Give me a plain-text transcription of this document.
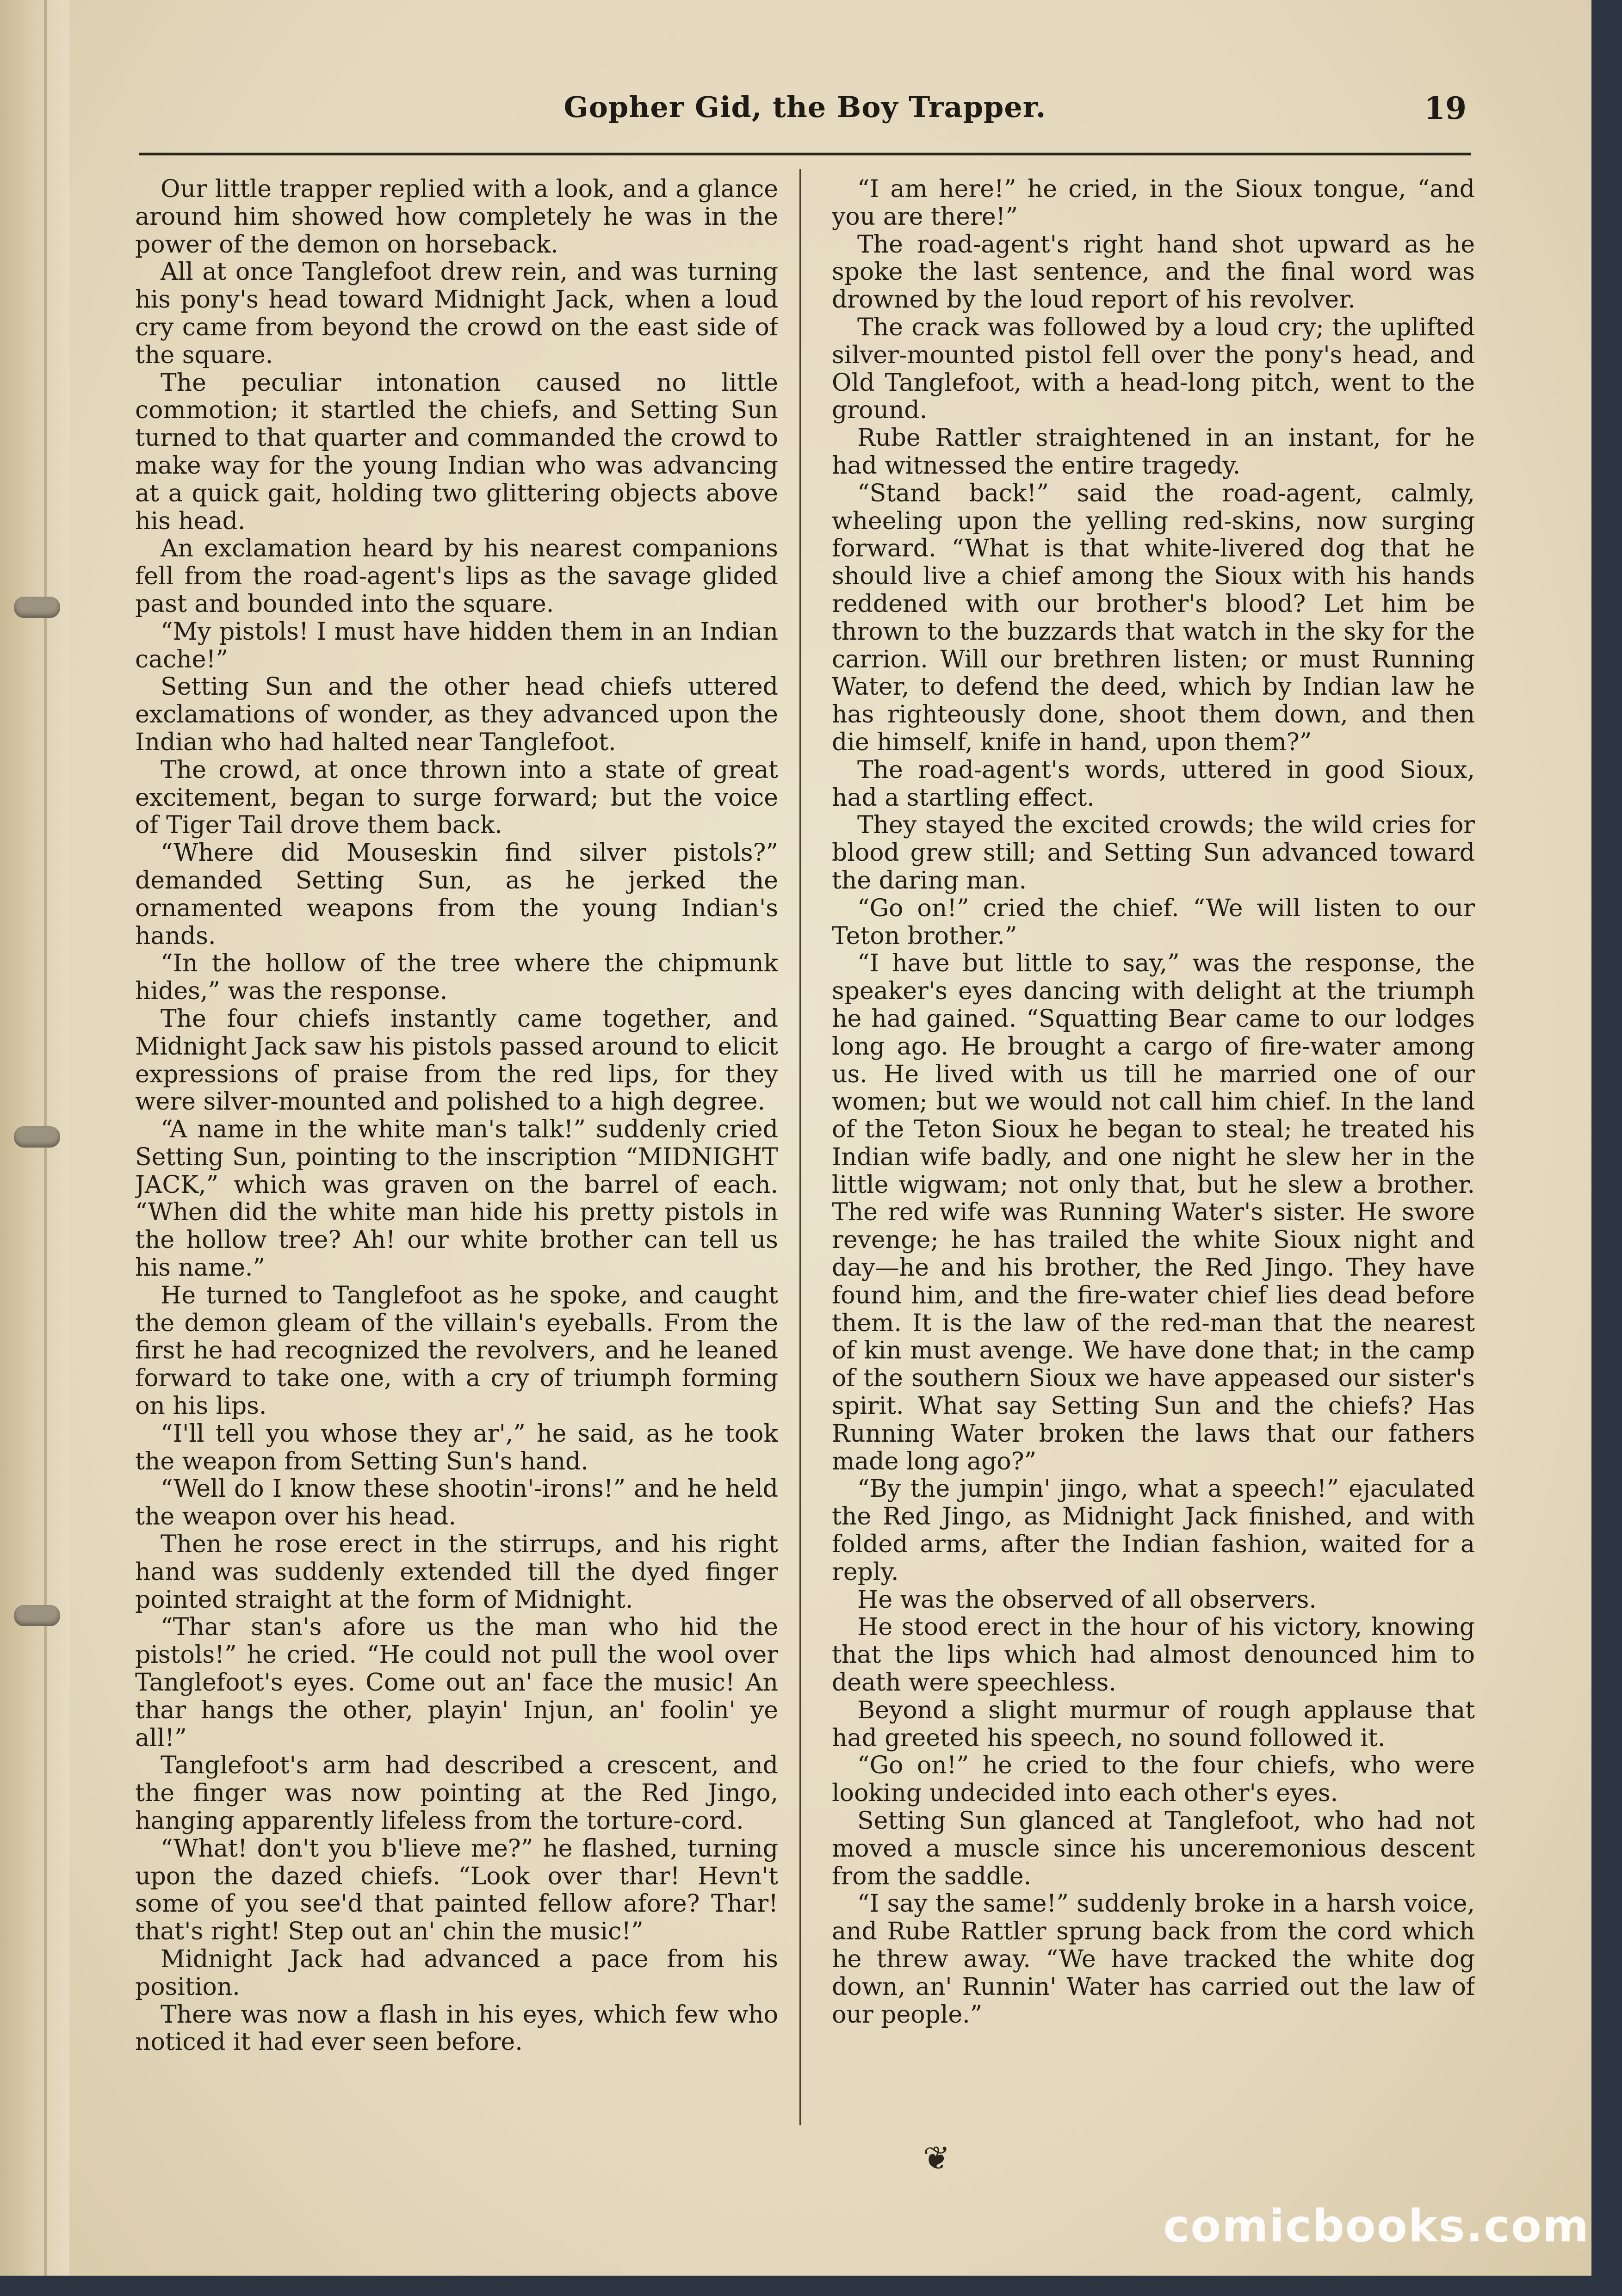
Gopher Gid, the Boy Trapper.	19

Our little trapper replied with a look, and a glance around him showed how completely he was in the power of the demon on horseback.

All at once Tanglefoot drew rein, and was turning his pony's head toward Midnight Jack, when a loud cry came from beyond the crowd on the east side of the square.

The peculiar intonation caused no little commotion; it startled the chiefs, and Setting Sun turned to that quarter and commanded the crowd to make way for the young Indian who was advancing at a quick gait, holding two glittering objects above his head.

An exclamation heard by his nearest companions fell from the road-agent's lips as the savage glided past and bounded into the square.

“My pistols! I must have hidden them in an Indian cache!”

Setting Sun and the other head chiefs uttered exclamations of wonder, as they advanced upon the Indian who had halted near Tanglefoot.

The crowd, at once thrown into a state of great excitement, began to surge forward; but the voice of Tiger Tail drove them back.

“Where did Mouseskin find silver pistols?” demanded Setting Sun, as he jerked the ornamented weapons from the young Indian's hands.

“In the hollow of the tree where the chipmunk hides,” was the response.

The four chiefs instantly came together, and Midnight Jack saw his pistols passed around to elicit expressions of praise from the red lips, for they were silver-mounted and polished to a high degree.

“A name in the white man's talk!” suddenly cried Setting Sun, pointing to the inscription “MIDNIGHT JACK,” which was graven on the barrel of each. “When did the white man hide his pretty pistols in the hollow tree? Ah! our white brother can tell us his name.”

He turned to Tanglefoot as he spoke, and caught the demon gleam of the villain's eyeballs. From the first he had recognized the revolvers, and he leaned forward to take one, with a cry of triumph forming on his lips.

“I'll tell you whose they ar',” he said, as he took the weapon from Setting Sun's hand.

“Well do I know these shootin'-irons!” and he held the weapon over his head.

Then he rose erect in the stirrups, and his right hand was suddenly extended till the dyed finger pointed straight at the form of Midnight.

“Thar stan's afore us the man who hid the pistols!” he cried. “He could not pull the wool over Tanglefoot's eyes. Come out an' face the music! An thar hangs the other, playin' Injun, an' foolin' ye all!”

Tanglefoot's arm had described a crescent, and the finger was now pointing at the Red Jingo, hanging apparently lifeless from the torture-cord.

“What! don't you b'lieve me?” he flashed, turning upon the dazed chiefs. “Look over thar! Hevn't some of you see'd that painted fellow afore? Thar! that's right! Step out an' chin the music!”

Midnight Jack had advanced a pace from his position.

There was now a flash in his eyes, which few who noticed it had ever seen before.

“I am here!” he cried, in the Sioux tongue, “and you are there!”

The road-agent's right hand shot upward as he spoke the last sentence, and the final word was drowned by the loud report of his revolver.

The crack was followed by a loud cry; the uplifted silver-mounted pistol fell over the pony's head, and Old Tanglefoot, with a head-long pitch, went to the ground.

Rube Rattler straightened in an instant, for he had witnessed the entire tragedy.

“Stand back!” said the road-agent, calmly, wheeling upon the yelling red-skins, now surging forward. “What is that white-livered dog that he should live a chief among the Sioux with his hands reddened with our brother's blood? Let him be thrown to the buzzards that watch in the sky for the carrion. Will our brethren listen; or must Running Water, to defend the deed, which by Indian law he has righteously done, shoot them down, and then die himself, knife in hand, upon them?”

The road-agent's words, uttered in good Sioux, had a startling effect.

They stayed the excited crowds; the wild cries for blood grew still; and Setting Sun advanced toward the daring man.

“Go on!” cried the chief. “We will listen to our Teton brother.”

“I have but little to say,” was the response, the speaker's eyes dancing with delight at the triumph he had gained. “Squatting Bear came to our lodges long ago. He brought a cargo of fire-water among us. He lived with us till he married one of our women; but we would not call him chief. In the land of the Teton Sioux he began to steal; he treated his Indian wife badly, and one night he slew her in the little wigwam; not only that, but he slew a brother. The red wife was Running Water's sister. He swore revenge; he has trailed the white Sioux night and day—he and his brother, the Red Jingo. They have found him, and the fire-water chief lies dead before them. It is the law of the red-man that the nearest of kin must avenge. We have done that; in the camp of the southern Sioux we have appeased our sister's spirit. What say Setting Sun and the chiefs? Has Running Water broken the laws that our fathers made long ago?”

“By the jumpin' jingo, what a speech!” ejaculated the Red Jingo, as Midnight Jack finished, and with folded arms, after the Indian fashion, waited for a reply.

He was the observed of all observers.

He stood erect in the hour of his victory, knowing that the lips which had almost denounced him to death were speechless.

Beyond a slight murmur of rough applause that had greeted his speech, no sound followed it.

“Go on!” he cried to the four chiefs, who were looking undecided into each other's eyes.

Setting Sun glanced at Tanglefoot, who had not moved a muscle since his unceremonious descent from the saddle.

“I say the same!” suddenly broke in a harsh voice, and Rube Rattler sprung back from the cord which he threw away. “We have tracked the white dog down, an' Runnin' Water has carried out the law of our people.”

❦
comicbooks.com
